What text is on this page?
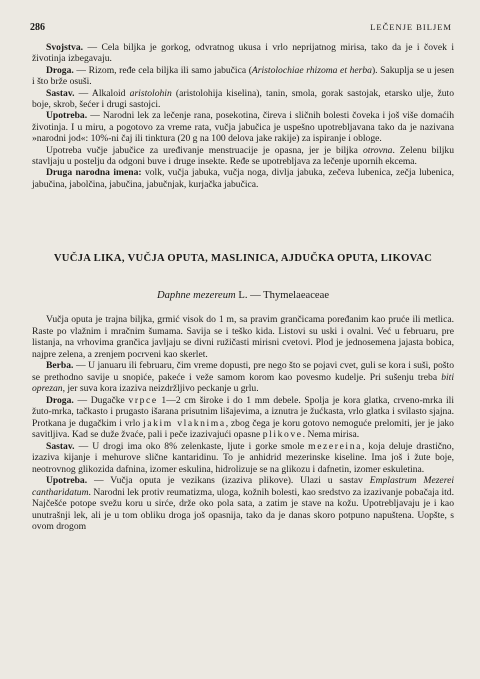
286	LEČENJE BILJEM

Svojstva. — Cela biljka je gorkog, odvratnog ukusa i vrlo neprijatnog mirisa, tako da je i čovek i životinja izbegavaju.

Droga. — Rizom, ređe cela biljka ili samo jabučica (Aristolochiae rhizoma et herba). Sakuplja se u jesen i što brže osuši.

Sastav. — Alkaloid aristolohin (aristolohija kiselina), tanin, smola, gorak sastojak, etarsko ulje, žuto boje, skrob, šećer i drugi sastojci.

Upotreba. — Narodni lek za lečenje rana, posekotina, čireva i sličnih bolesti čoveka i još više domaćih životinja. I u miru, a pogotovo za vreme rata, vučja jabučica je uspešno upotrebljavana tako da je nazivana »narodni jod«: 10%-ni čaj ili tinktura (20 g na 100 delova jake rakije) za ispiranje i obloge.

Upotreba vučje jabučice za uređivanje menstruacije je opasna, jer je biljka otrovna. Zelenu biljku stavljaju u postelju da odgoni buve i druge insekte. Ređe se upotrebljava za lečenje upornih ekcema.

Druga narodna imena: volk, vučja jabuka, vučja noga, divlja jabuka, zečeva lubenica, zečja lubenica, jabučina, jabolčina, jabučina, jabučnjak, kurjačka jabučica.

VUČJA LIKA, VUČJA OPUTA, MASLINICA, AJDUČKA OPUTA, LIKOVAC
Daphne mezereum L. — Thymelaeaceae

Vučja oputa je trajna biljka, grmić visok do 1 m, sa pravim grančicama poređanim kao pruće ili metlica. Raste po vlažnim i mračnim šumama. Savija se i teško kida. Listovi su uski i ovalni. Već u februaru, pre listanja, na vrhovima grančica javljaju se divni ružičasti mirisni cvetovi. Plod je jednosemena jajasta bobica, najpre zelena, a zrenjem pocrveni kao skerlet.

Berba. — U januaru ili februaru, čim vreme dopusti, pre nego što se pojavi cvet, guli se kora i suši, pošto se prethodno savije u snopiće, pakeće i veže samom korom kao povesmo kudelje. Pri sušenju treba biti oprezan, jer suva kora izaziva neizdržljivo peckanje u grlu.

Droga. — Dugačke vrpce 1—2 cm široke i do 1 mm debele. Spolja je kora glatka, crveno-mrka ili žuto-mrka, tačkasto i prugasto išarana prisutnim lišajevima, a iznutra je žućkasta, vrlo glatka i svilasto sjajna. Protkana je dugačkim i vrlo jakim vlaknima, zbog čega je koru gotovo nemoguće prelomiti, jer je jako savitljiva. Kad se duže žvaće, pali i peče izazivajući opasne plikove. Nema mirisa.

Sastav. — U drogi ima oko 8% zelenkaste, ljute i gorke smole mezereina, koja deluje drastično, izaziva kijanje i mehurove slične kantaridinu. To je anhidrid mezerinske kiseline. Ima još i žute boje, neotrovnog glikozida dafnina, izomer eskulina, hidrolizuje se na glikozu i dafnetin, izomer eskuletina.

Upotreba. — Vučja oputa je vezikans (izaziva plikove). Ulazi u sastav Emplastrum Mezerei cantharidatum. Narodni lek protiv reumatizma, uloga, kožnih bolesti, kao sredstvo za izazivanje pobačaja itd. Najčešće potope svežu koru u sirće, drže oko pola sata, a zatim je stave na kožu. Upotrebljavaju je i kao unutrašnji lek, ali je u tom obliku droga još opasnija, tako da je danas skoro potpuno napuštena. Uopšte, s ovom drogom
